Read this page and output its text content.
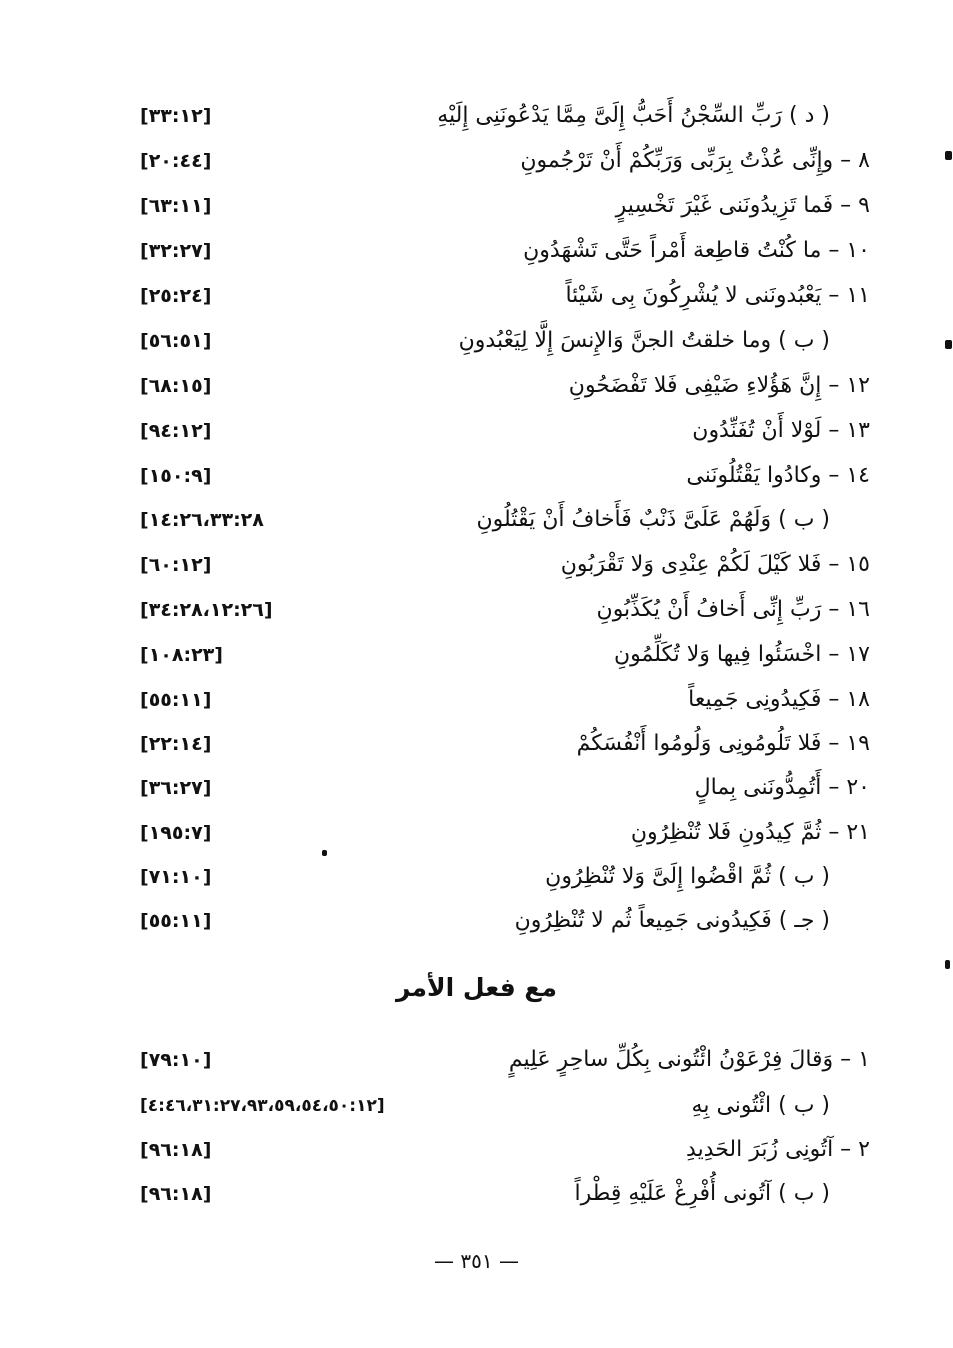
[٣٣:١٢]	( د ) رَبِّ السِّجْنُ أَحَبُّ إِلَىَّ مِمَّا يَدْعُونَنِى إِلَيْهِ
[٢٠:٤٤]	٨ – وإِنِّى عُذْتُ بِرَبِّى وَرَبِّكُمْ أَنْ تَرْجُمونِ
[٦٣:١١]	٩ – فَما تَزِيدُونَنى غَيْرَ تَخْسِيرٍ
[٣٢:٢٧]	١٠ – ما كُنْتُ قاطِعة أَمْراً حَتَّى تَشْهَدُونِ
[٢٥:٢٤]	١١ – يَعْبُدونَنى لا يُشْرِكُونَ بِى شَيْئاً
[٥٦:٥١]	( ب ) وما خلقتُ الجنَّ وَالإِنسَ إِلَّا لِيَعْبُدونِ
[٦٨:١٥]	١٢ – إِنَّ هَؤُلاءِ ضَيْفِى فَلا تَفْضَحُونِ
[٩٤:١٢]	١٣ – لَوْلا أَنْ تُفَنِّدُون
[١٥٠:٩]	١٤ – وكادُوا يَقْتُلُونَنى
[١٤:٢٦،٣٣:٢٨	( ب ) وَلَهُمْ عَلَىَّ ذَنْبٌ فَأَخافُ أَنْ يَقْتُلُونِ
[٦٠:١٢]	١٥ – فَلا كَيْلَ لَكُمْ عِنْدِى وَلا تَقْرَبُونِ
[٣٤:٢٨،١٢:٢٦]	١٦ – رَبِّ إِنِّى أَخافُ أَنْ يُكَذِّبُونِ
[١٠٨:٢٣]	١٧ – اخْسَئُوا فِيها وَلا تُكَلِّمُونِ
[٥٥:١١]	١٨ – فَكِيدُونِى جَمِيعاً
[٢٢:١٤]	١٩ – فَلا تَلُومُونِى وَلُومُوا أَنْفُسَكُمْ
[٣٦:٢٧]	٢٠ – أَتُمِدُّونَنى بِمالٍ
[١٩٥:٧]	٢١ – ثُمَّ كِيدُونِ فَلا تُنْظِرُونِ
[٧١:١٠]	( ب ) ثُمَّ اقْضُوا إِلَىَّ وَلا تُنْظِرُونِ
[٥٥:١١]	( جـ ) فَكِيدُونى جَمِيعاً ثُم لا تُنْظِرُونِ
مع فعل الأمر
[٧٩:١٠]	١ – وَقالَ فِرْعَوْنُ ائْتُونى بِكُلِّ ساحِرٍ عَلِيمٍ
[٤:٤٦،٣١:٢٧،٩٣،٥٩،٥٤،٥٠:١٢]	( ب ) ائْتُونى بِهِ
[٩٦:١٨]	٢ – آتُونِى زُبَرَ الحَدِيدِ
[٩٦:١٨]	( ب ) آتُونى أُفْرِغْ عَلَيْهِ قِطْراً
— ٣٥١ —
